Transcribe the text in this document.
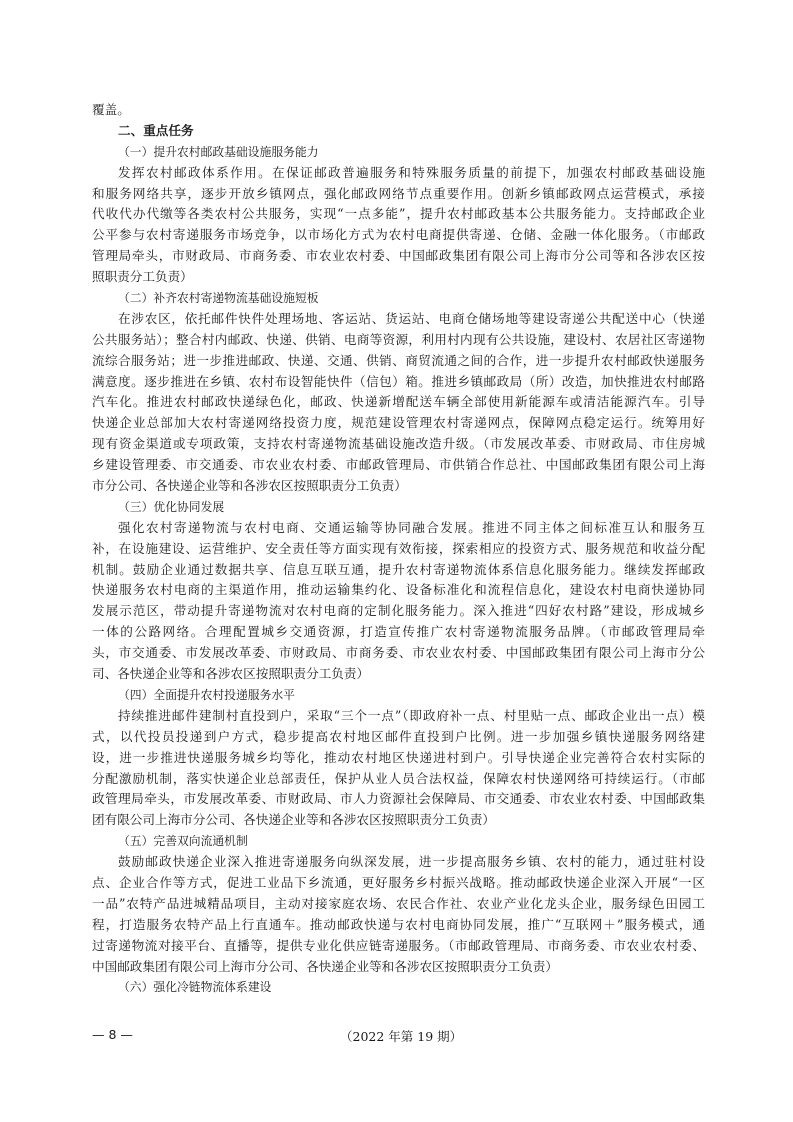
覆盖。
二、重点任务
（一）提升农村邮政基础设施服务能力
发挥农村邮政体系作用。在保证邮政普遍服务和特殊服务质量的前提下，加强农村邮政基础设施
和服务网络共享，逐步开放乡镇网点，强化邮政网络节点重要作用。创新乡镇邮政网点运营模式，承接
代收代办代缴等各类农村公共服务，实现“一点多能”，提升农村邮政基本公共服务能力。支持邮政企业
公平参与农村寄递服务市场竞争，以市场化方式为农村电商提供寄递、仓储、金融一体化服务。（市邮政
管理局牵头，市财政局、市商务委、市农业农村委、中国邮政集团有限公司上海市分公司等和各涉农区按
照职责分工负责）
（二）补齐农村寄递物流基础设施短板
在涉农区，依托邮件快件处理场地、客运站、货运站、电商仓储场地等建设寄递公共配送中心（快递
公共服务站）；整合村内邮政、快递、供销、电商等资源，利用村内现有公共设施，建设村、农居社区寄递物
流综合服务站；进一步推进邮政、快递、交通、供销、商贸流通之间的合作，进一步提升农村邮政快递服务
满意度。逐步推进在乡镇、农村布设智能快件（信包）箱。推进乡镇邮政局（所）改造，加快推进农村邮路
汽车化。推进农村邮政快递绿色化，邮政、快递新增配送车辆全部使用新能源车或清洁能源汽车。引导
快递企业总部加大农村寄递网络投资力度，规范建设管理农村寄递网点，保障网点稳定运行。统筹用好
现有资金渠道或专项政策，支持农村寄递物流基础设施改造升级。（市发展改革委、市财政局、市住房城
乡建设管理委、市交通委、市农业农村委、市邮政管理局、市供销合作总社、中国邮政集团有限公司上海
市分公司、各快递企业等和各涉农区按照职责分工负责）
（三）优化协同发展
强化农村寄递物流与农村电商、交通运输等协同融合发展。推进不同主体之间标准互认和服务互
补，在设施建设、运营维护、安全责任等方面实现有效衔接，探索相应的投资方式、服务规范和收益分配
机制。鼓励企业通过数据共享、信息互联互通，提升农村寄递物流体系信息化服务能力。继续发挥邮政
快递服务农村电商的主渠道作用，推动运输集约化、设备标准化和流程信息化，建设农村电商快递协同
发展示范区，带动提升寄递物流对农村电商的定制化服务能力。深入推进“四好农村路”建设，形成城乡
一体的公路网络。合理配置城乡交通资源，打造宣传推广农村寄递物流服务品牌。（市邮政管理局牵
头，市交通委、市发展改革委、市财政局、市商务委、市农业农村委、中国邮政集团有限公司上海市分公
司、各快递企业等和各涉农区按照职责分工负责）
（四）全面提升农村投递服务水平
持续推进邮件建制村直投到户，采取“三个一点”（即政府补一点、村里贴一点、邮政企业出一点）模
式，以代投员投递到户方式，稳步提高农村地区邮件直投到户比例。进一步加强乡镇快递服务网络建
设，进一步推进快递服务城乡均等化，推动农村地区快递进村到户。引导快递企业完善符合农村实际的
分配激励机制，落实快递企业总部责任，保护从业人员合法权益，保障农村快递网络可持续运行。（市邮
政管理局牵头，市发展改革委、市财政局、市人力资源社会保障局、市交通委、市农业农村委、中国邮政集
团有限公司上海市分公司、各快递企业等和各涉农区按照职责分工负责）
（五）完善双向流通机制
鼓励邮政快递企业深入推进寄递服务向纵深发展，进一步提高服务乡镇、农村的能力，通过驻村设
点、企业合作等方式，促进工业品下乡流通，更好服务乡村振兴战略。推动邮政快递企业深入开展“一区
一品”农特产品进城精品项目，主动对接家庭农场、农民合作社、农业产业化龙头企业，服务绿色田园工
程，打造服务农特产品上行直通车。推动邮政快递与农村电商协同发展，推广“互联网＋”服务模式，通
过寄递物流对接平台、直播等，提供专业化供应链寄递服务。（市邮政管理局、市商务委、市农业农村委、
中国邮政集团有限公司上海市分公司、各快递企业等和各涉农区按照职责分工负责）
（六）强化冷链物流体系建设
— 8 —	（2022 年第 19 期）
